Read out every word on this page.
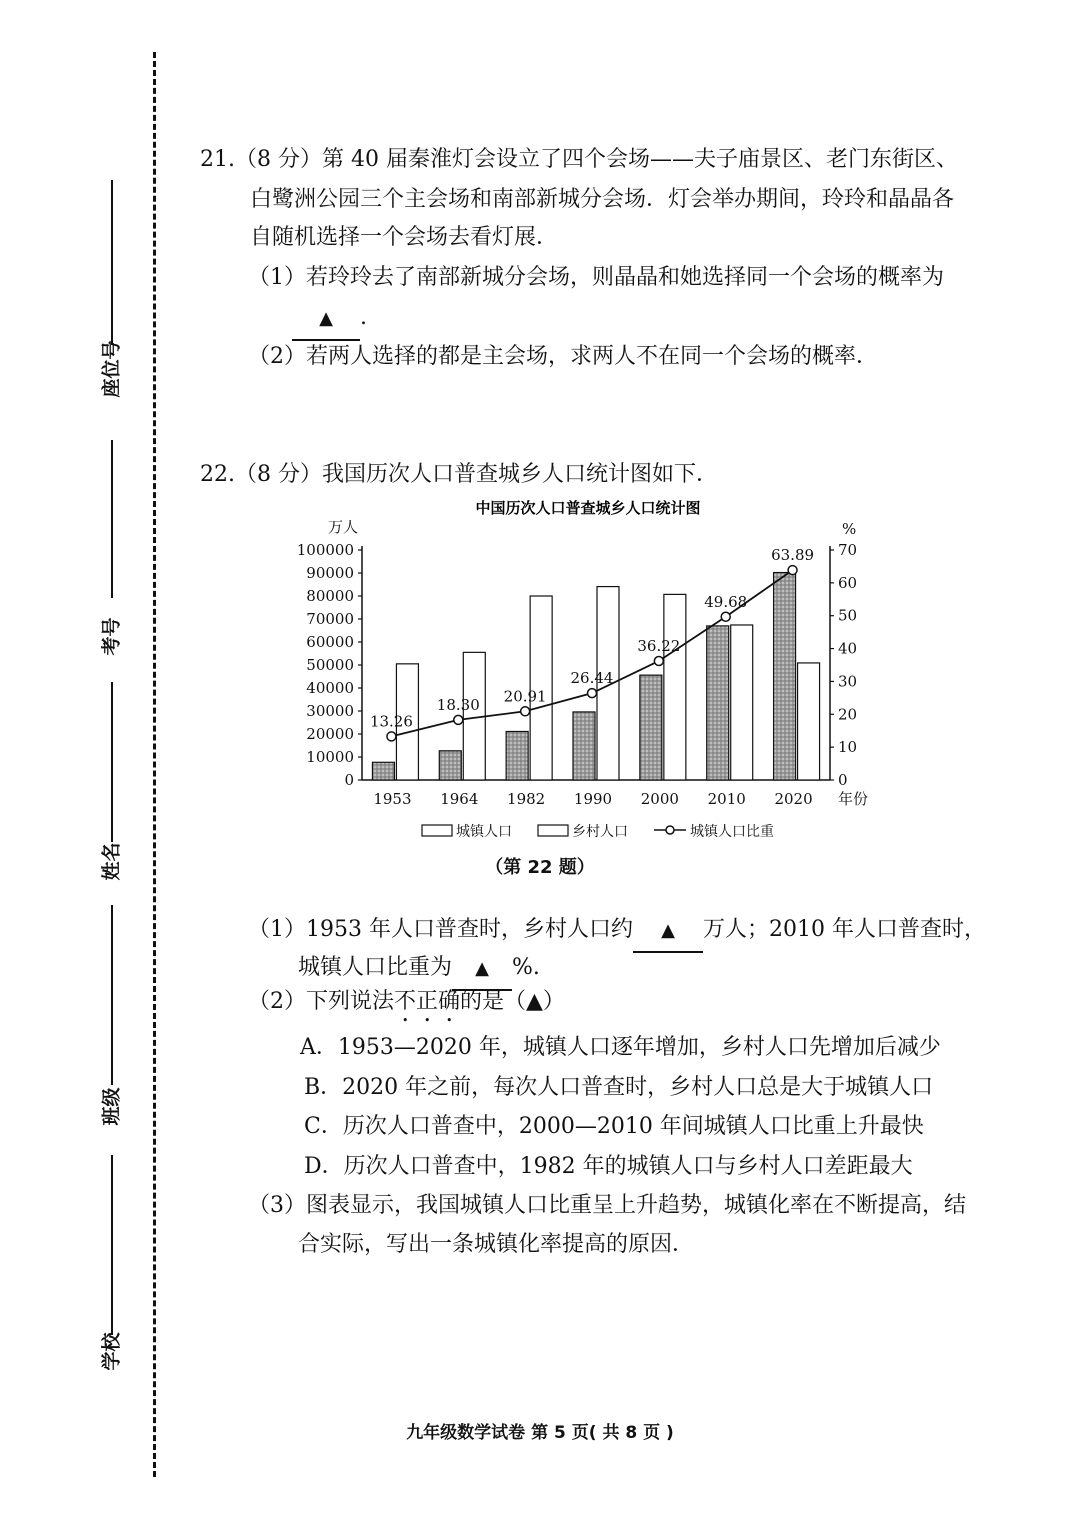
座位号
考号
姓名
班级
学校
21.（8 分）第 40 届秦淮灯会设立了四个会场——夫子庙景区、老门东街区、
白鹭洲公园三个主会场和南部新城分会场．灯会举办期间，玲玲和晶晶各
自随机选择一个会场去看灯展．
（1）若玲玲去了南部新城分会场，则晶晶和她选择同一个会场的概率为
▲ .
（2）若两人选择的都是主会场，求两人不在同一个会场的概率．
22.（8 分）我国历次人口普查城乡人口统计图如下．
中国历次人口普查城乡人口统计图
万人	%
0
10000
20000
30000
40000
50000
60000
70000
80000
90000
100000
0
10
20
30
40
50
60
70
1953 1964 1982 1990 2000 2010 2020
13.26
18.30 20.91
26.44
36.22
49.68
63.89
年份
城镇人口	乡村人口	城镇人口比重
（第 22 题）
（1）1953 年人口普查时，乡村人口约 ▲ 万人；2010 年人口普查时，
城镇人口比重为 ▲ %.
（2）下列说法不正确的是（▲）
A．1953—2020 年，城镇人口逐年增加，乡村人口先增加后减少
B．2020 年之前，每次人口普查时，乡村人口总是大于城镇人口
C．历次人口普查中，2000—2010 年间城镇人口比重上升最快
D．历次人口普查中，1982 年的城镇人口与乡村人口差距最大
（3）图表显示，我国城镇人口比重呈上升趋势，城镇化率在不断提高，结
合实际，写出一条城镇化率提高的原因．
九年级数学试卷 第 5 页( 共 8 页 )
